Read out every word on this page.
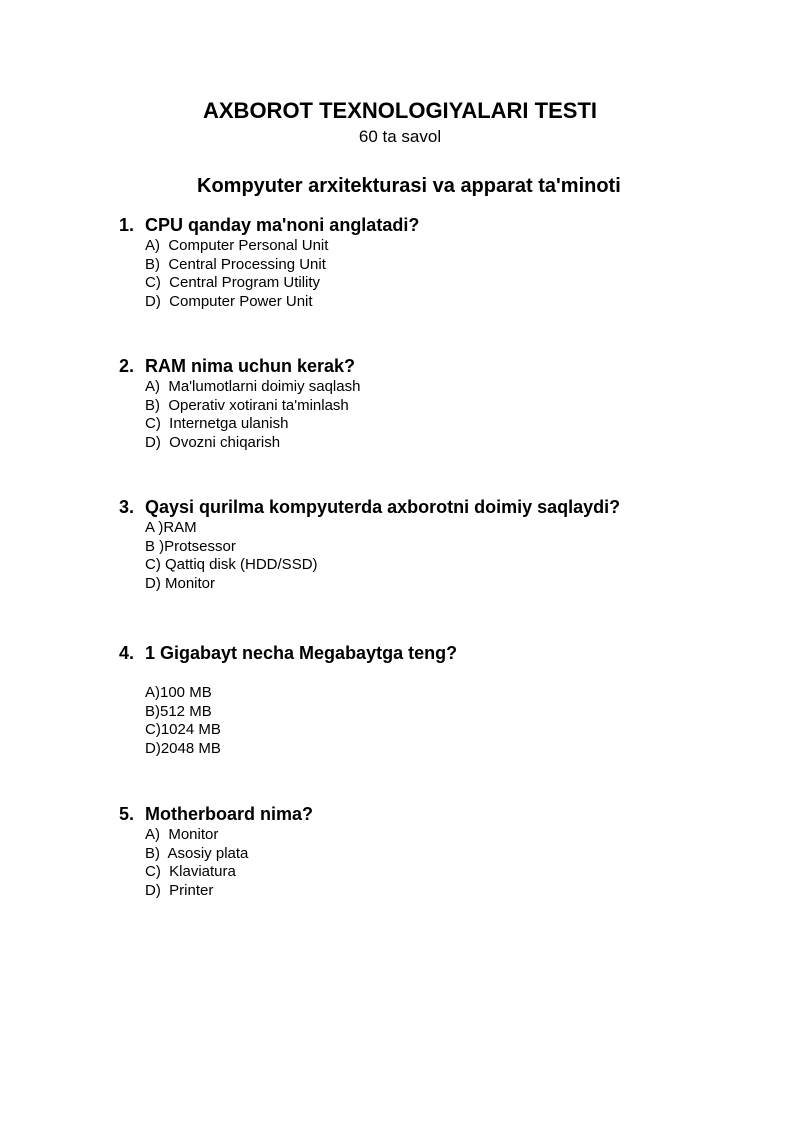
AXBOROT TEXNOLOGIYALARI TESTI
60 ta savol
Kompyuter arxitekturasi va apparat ta'minoti
1. CPU qanday ma'noni anglatadi?
A)  Computer Personal Unit
B)  Central Processing Unit
C)  Central Program Utility
D)  Computer Power Unit
2. RAM nima uchun kerak?
A)  Ma'lumotlarni doimiy saqlash
B)  Operativ xotirani ta'minlash
C)  Internetga ulanish
D)  Ovozni chiqarish
3. Qaysi qurilma kompyuterda axborotni doimiy saqlaydi?
A )RAM
B )Protsessor
C) Qattiq disk (HDD/SSD)
D) Monitor
4. 1 Gigabayt necha Megabaytga teng?
A)100 MB
B)512 MB
C)1024 MB
D)2048 MB
5. Motherboard nima?
A)  Monitor
B)  Asosiy plata
C)  Klaviatura
D)  Printer
